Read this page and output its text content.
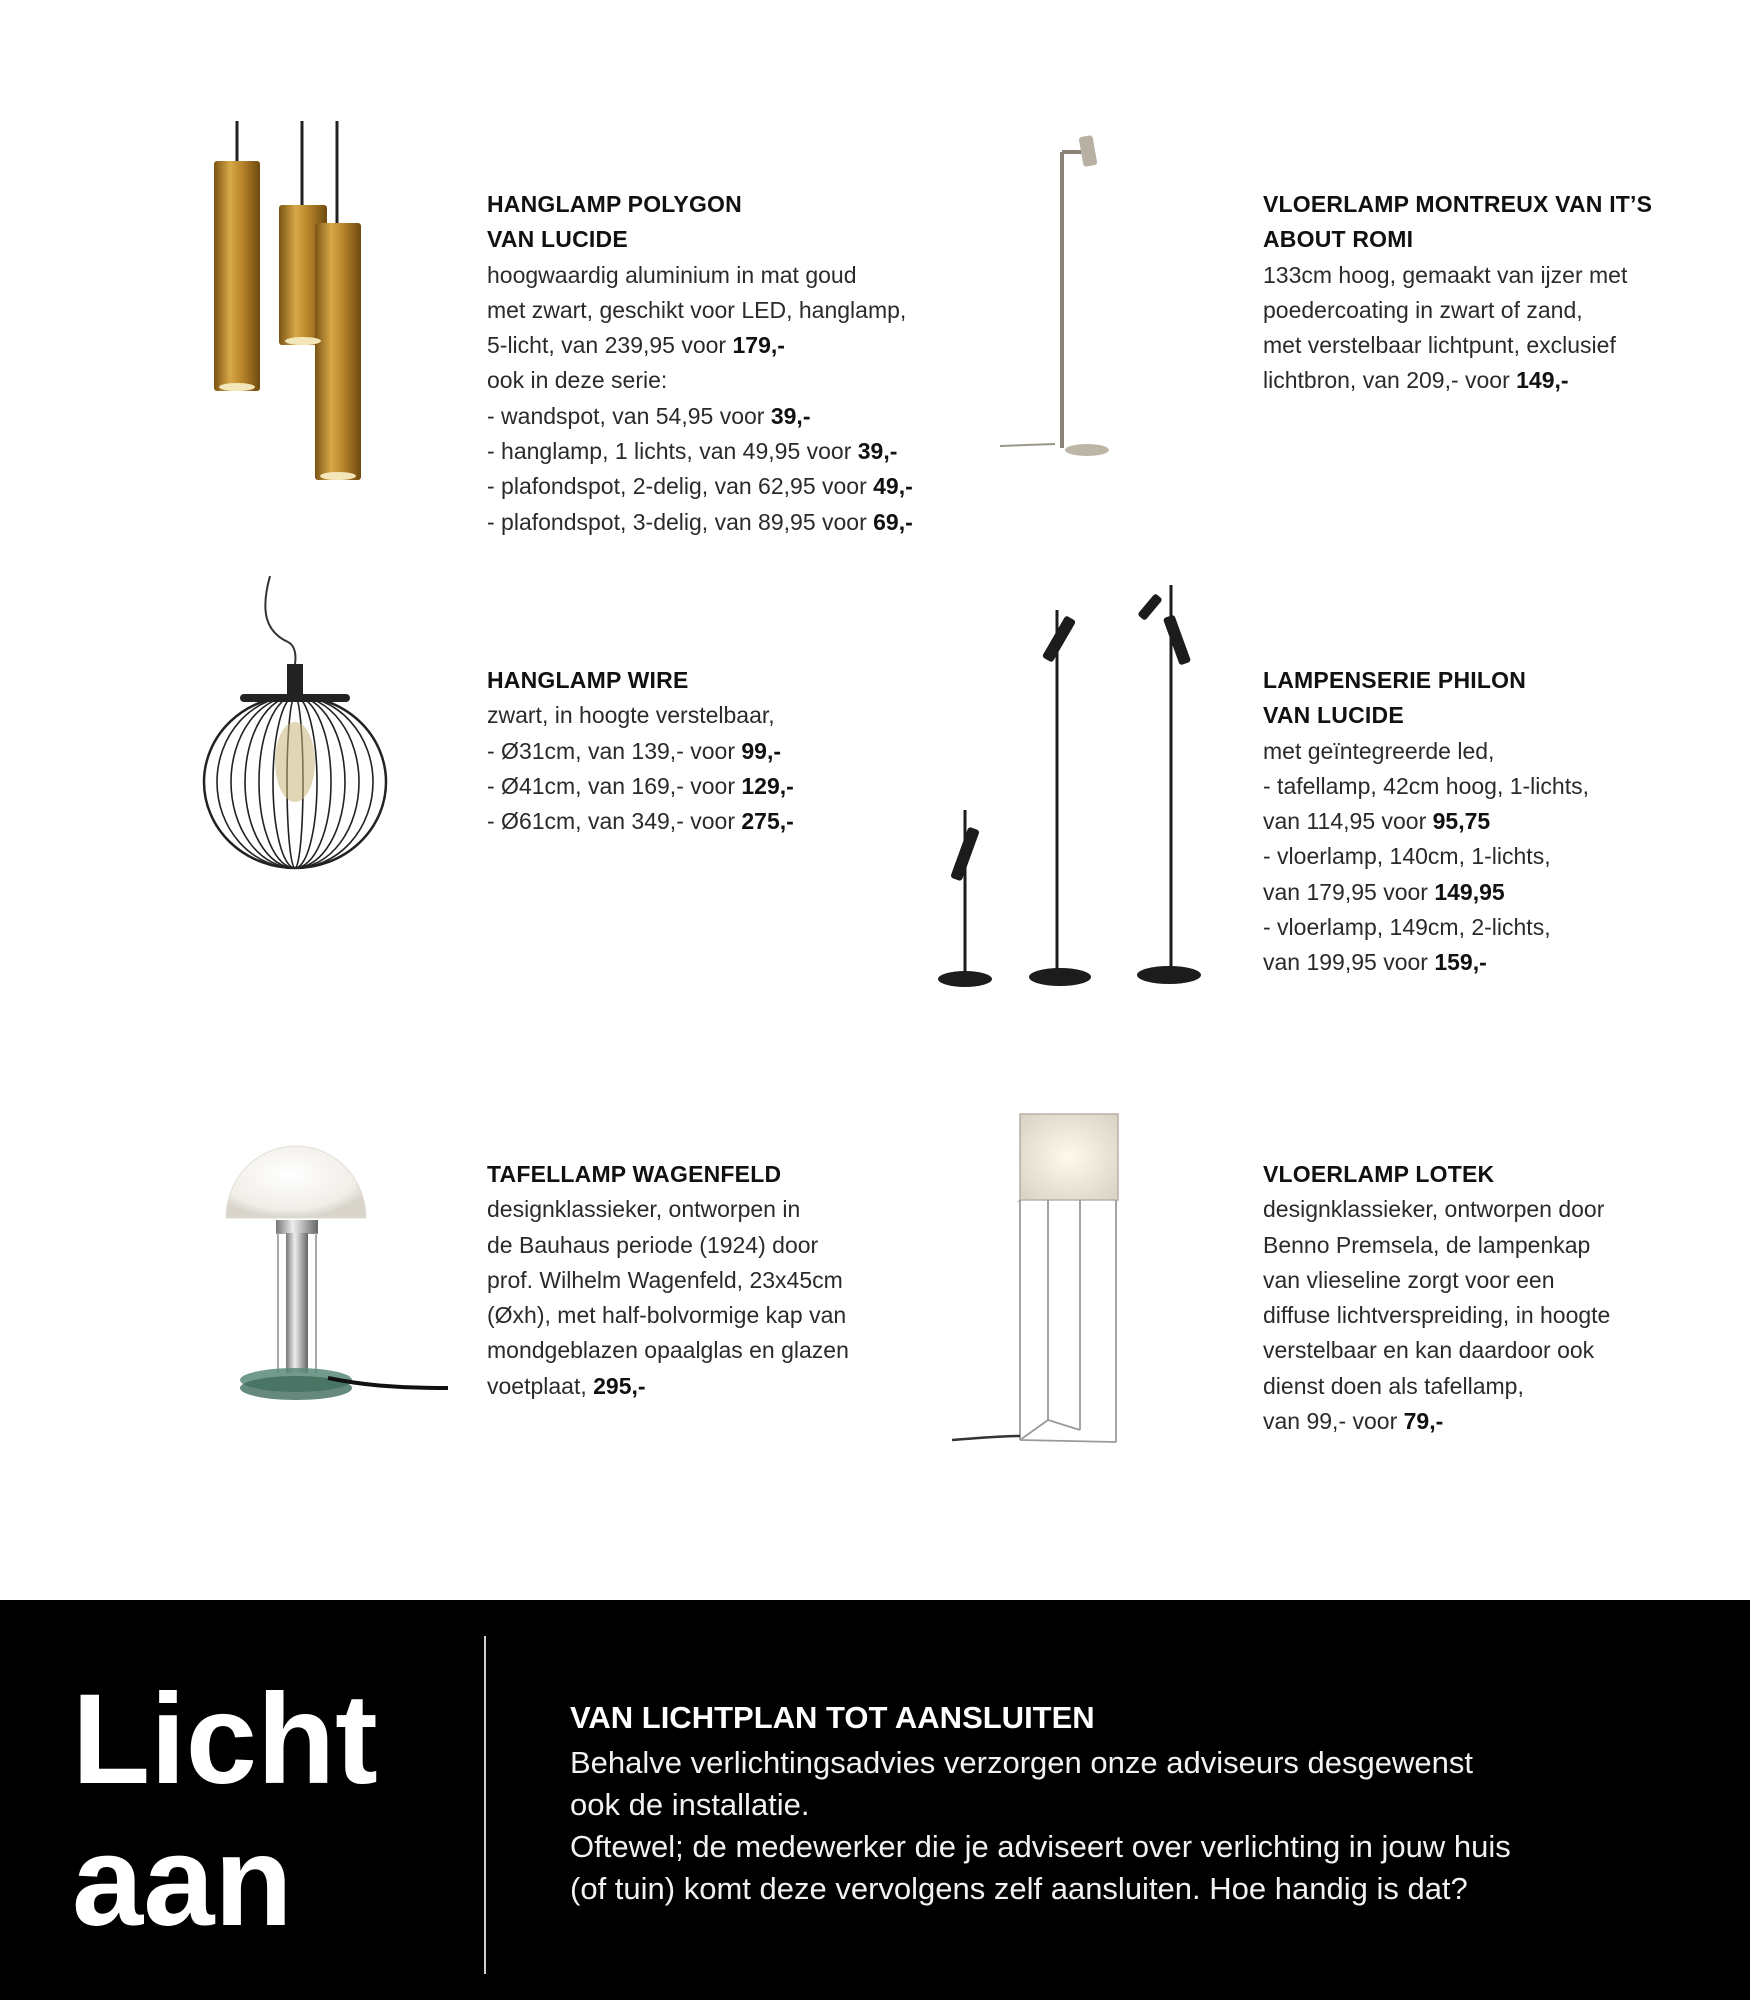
HANGLAMP POLYGON
VAN LUCIDE
hoogwaardig aluminium in mat goud
met zwart, geschikt voor LED, hanglamp,
5-licht, van 239,95 voor 179,-
ook in deze serie:
- wandspot, van 54,95 voor 39,-
- hanglamp, 1 lichts, van 49,95 voor 39,-
- plafondspot, 2-delig, van 62,95 voor 49,-
- plafondspot, 3-delig, van 89,95 voor 69,-
VLOERLAMP MONTREUX VAN IT’S
ABOUT ROMI
133cm hoog, gemaakt van ijzer met
poedercoating in zwart of zand,
met verstelbaar lichtpunt, exclusief
lichtbron, van 209,- voor 149,-
HANGLAMP WIRE
zwart, in hoogte verstelbaar,
- Ø31cm, van 139,- voor 99,-
- Ø41cm, van 169,- voor 129,-
- Ø61cm, van 349,- voor 275,-
LAMPENSERIE PHILON
VAN LUCIDE
met geïntegreerde led,
- tafellamp, 42cm hoog, 1-lichts,
van 114,95 voor 95,75
- vloerlamp, 140cm, 1-lichts,
van 179,95 voor 149,95
- vloerlamp, 149cm, 2-lichts,
van 199,95 voor 159,-
TAFELLAMP WAGENFELD
designklassieker, ontworpen in
de Bauhaus periode (1924) door
prof. Wilhelm Wagenfeld, 23x45cm
(Øxh), met half-bolvormige kap van
mondgeblazen opaalglas en glazen
voetplaat, 295,-
VLOERLAMP LOTEK
designklassieker, ontworpen door
Benno Premsela, de lampenkap
van vlieseline zorgt voor een
diffuse lichtverspreiding, in hoogte
verstelbaar en kan daardoor ook
dienst doen als tafellamp,
van 99,- voor 79,-
Licht
aan
VAN LICHTPLAN TOT AANSLUITEN
Behalve verlichtingsadvies verzorgen onze adviseurs desgewenst
ook de installatie.
Oftewel; de medewerker die je adviseert over verlichting in jouw huis
(of tuin) komt deze vervolgens zelf aansluiten. Hoe handig is dat?
